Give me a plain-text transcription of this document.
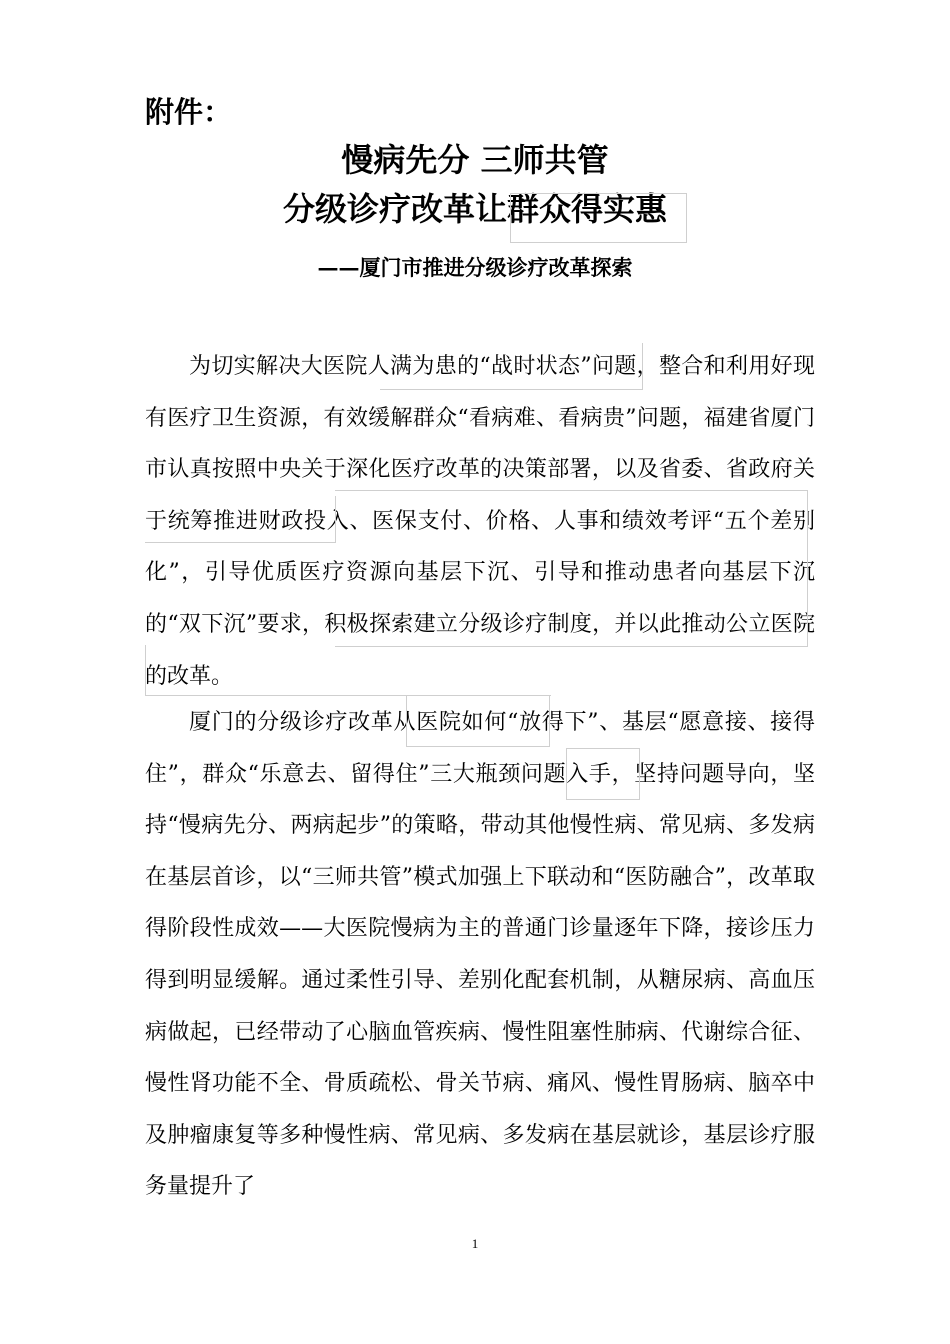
附件：
慢病先分 三师共管
分级诊疗改革让群众得实惠
——厦门市推进分级诊疗改革探索

为切实解决大医院人满为患的“战时状态”问题，整合和利用好现有医疗卫生资源，有效缓解群众“看病难、看病贵”问题，福建省厦门市认真按照中央关于深化医疗改革的决策部署，以及省委、省政府关于统筹推进财政投入、医保支付、价格、人事和绩效考评“五个差别化”，引导优质医疗资源向基层下沉、引导和推动患者向基层下沉的“双下沉”要求，积极探索建立分级诊疗制度，并以此推动公立医院的改革。

厦门的分级诊疗改革从医院如何“放得下”、基层“愿意接、接得住”，群众“乐意去、留得住”三大瓶颈问题入手，坚持问题导向，坚持“慢病先分、两病起步”的策略，带动其他慢性病、常见病、多发病在基层首诊，以“三师共管”模式加强上下联动和“医防融合”，改革取得阶段性成效——大医院慢病为主的普通门诊量逐年下降，接诊压力得到明显缓解。通过柔性引导、差别化配套机制，从糖尿病、高血压病做起，已经带动了心脑血管疾病、慢性阻塞性肺病、代谢综合征、慢性肾功能不全、骨质疏松、骨关节病、痛风、慢性胃肠病、脑卒中及肿瘤康复等多种慢性病、常见病、多发病在基层就诊，基层诊疗服务量提升了

1
